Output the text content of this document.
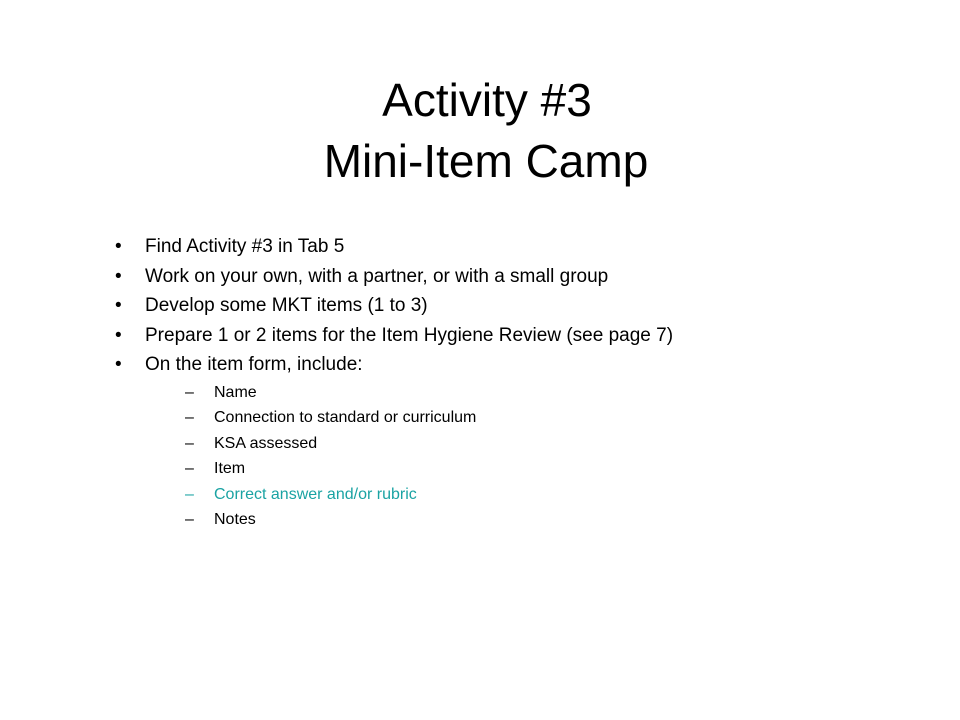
Activity #3
Mini-Item Camp
• Find Activity #3 in Tab 5
• Work on your own, with a partner, or with a small group
• Develop some MKT items (1 to 3)
• Prepare 1 or 2 items for the Item Hygiene Review (see page 7)
• On the item form, include:
– Name
– Connection to standard or curriculum
– KSA assessed
– Item
– Correct answer and/or rubric
– Notes
